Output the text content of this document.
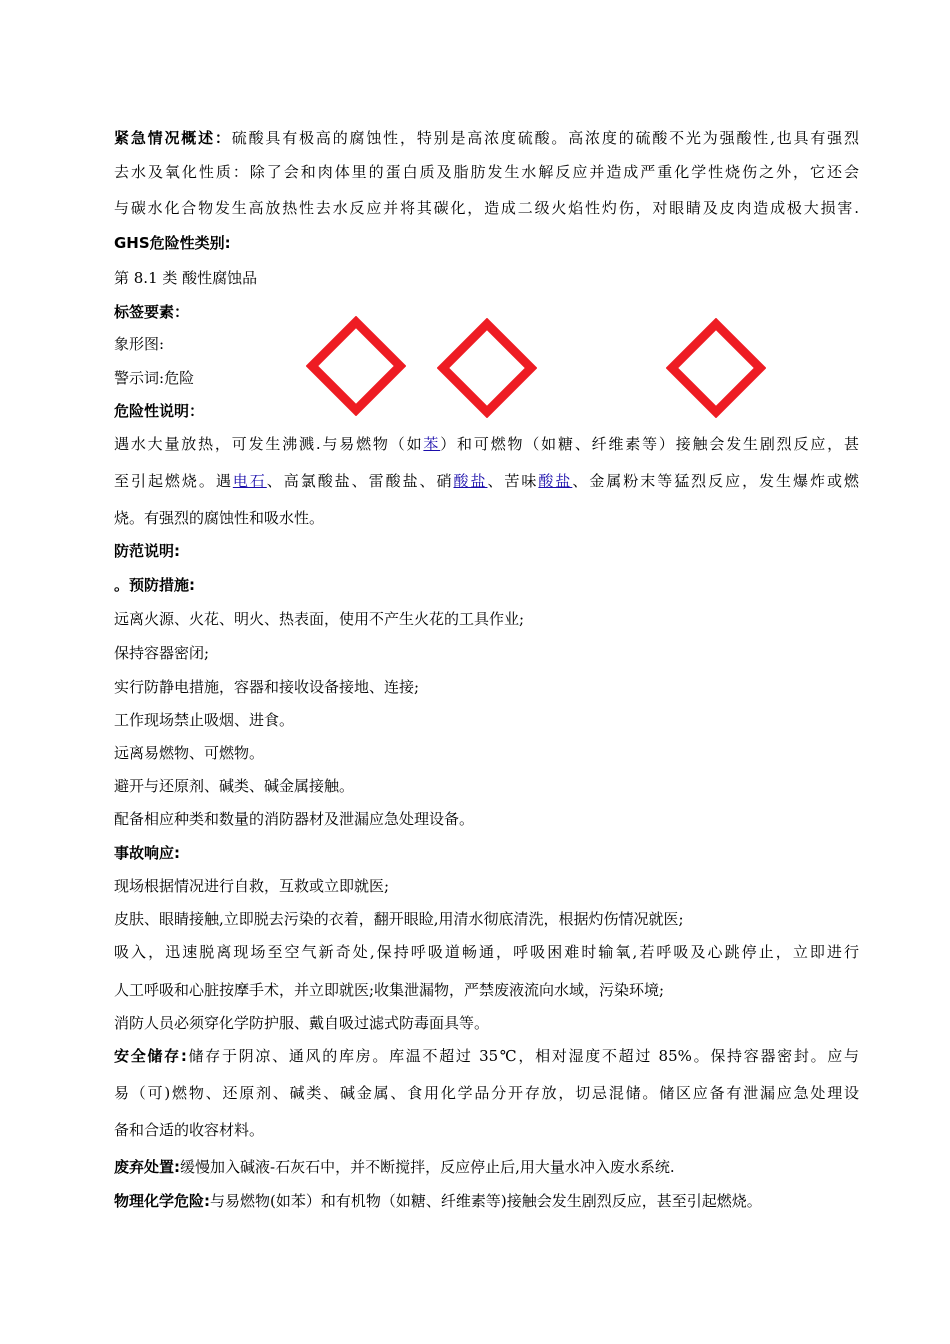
紧急情况概述：硫酸具有极高的腐蚀性，特别是高浓度硫酸。高浓度的硫酸不光为强酸性,也具有强烈
去水及氧化性质：除了会和肉体里的蛋白质及脂肪发生水解反应并造成严重化学性烧伤之外，它还会
与碳水化合物发生高放热性去水反应并将其碳化，造成二级火焰性灼伤，对眼睛及皮肉造成极大损害.
GHS危险性类别:
第 8.1 类 酸性腐蚀品
标签要素：
象形图:
警示词:危险
危险性说明：
遇水大量放热，可发生沸溅.与易燃物（如苯）和可燃物（如糖、纤维素等）接触会发生剧烈反应，甚
至引起燃烧。遇电石、高氯酸盐、雷酸盐、硝酸盐、苦味酸盐、金属粉末等猛烈反应，发生爆炸或燃
烧。有强烈的腐蚀性和吸水性。
防范说明:
。预防措施:
远离火源、火花、明火、热表面，使用不产生火花的工具作业;
保持容器密闭;
实行防静电措施，容器和接收设备接地、连接;
工作现场禁止吸烟、进食。
远离易燃物、可燃物。
避开与还原剂、碱类、碱金属接触。
配备相应种类和数量的消防器材及泄漏应急处理设备。
事故响应:
现场根据情况进行自救，互救或立即就医;
皮肤、眼睛接触,立即脱去污染的衣着，翻开眼睑,用清水彻底清洗，根据灼伤情况就医;
吸入，迅速脱离现场至空气新奇处,保持呼吸道畅通，呼吸困难时输氧,若呼吸及心跳停止，立即进行
人工呼吸和心脏按摩手术，并立即就医;收集泄漏物，严禁废液流向水域，污染环境;
消防人员必须穿化学防护服、戴自吸过滤式防毒面具等。
安全储存:储存于阴凉、通风的库房。库温不超过 35℃，相对湿度不超过 85%。保持容器密封。应与
易（可)燃物、还原剂、碱类、碱金属、食用化学品分开存放，切忌混储。储区应备有泄漏应急处理设
备和合适的收容材料。
废弃处置:缓慢加入碱液-石灰石中，并不断搅拌，反应停止后,用大量水冲入废水系统.
物理化学危险:与易燃物(如苯）和有机物（如糖、纤维素等)接触会发生剧烈反应，甚至引起燃烧。
